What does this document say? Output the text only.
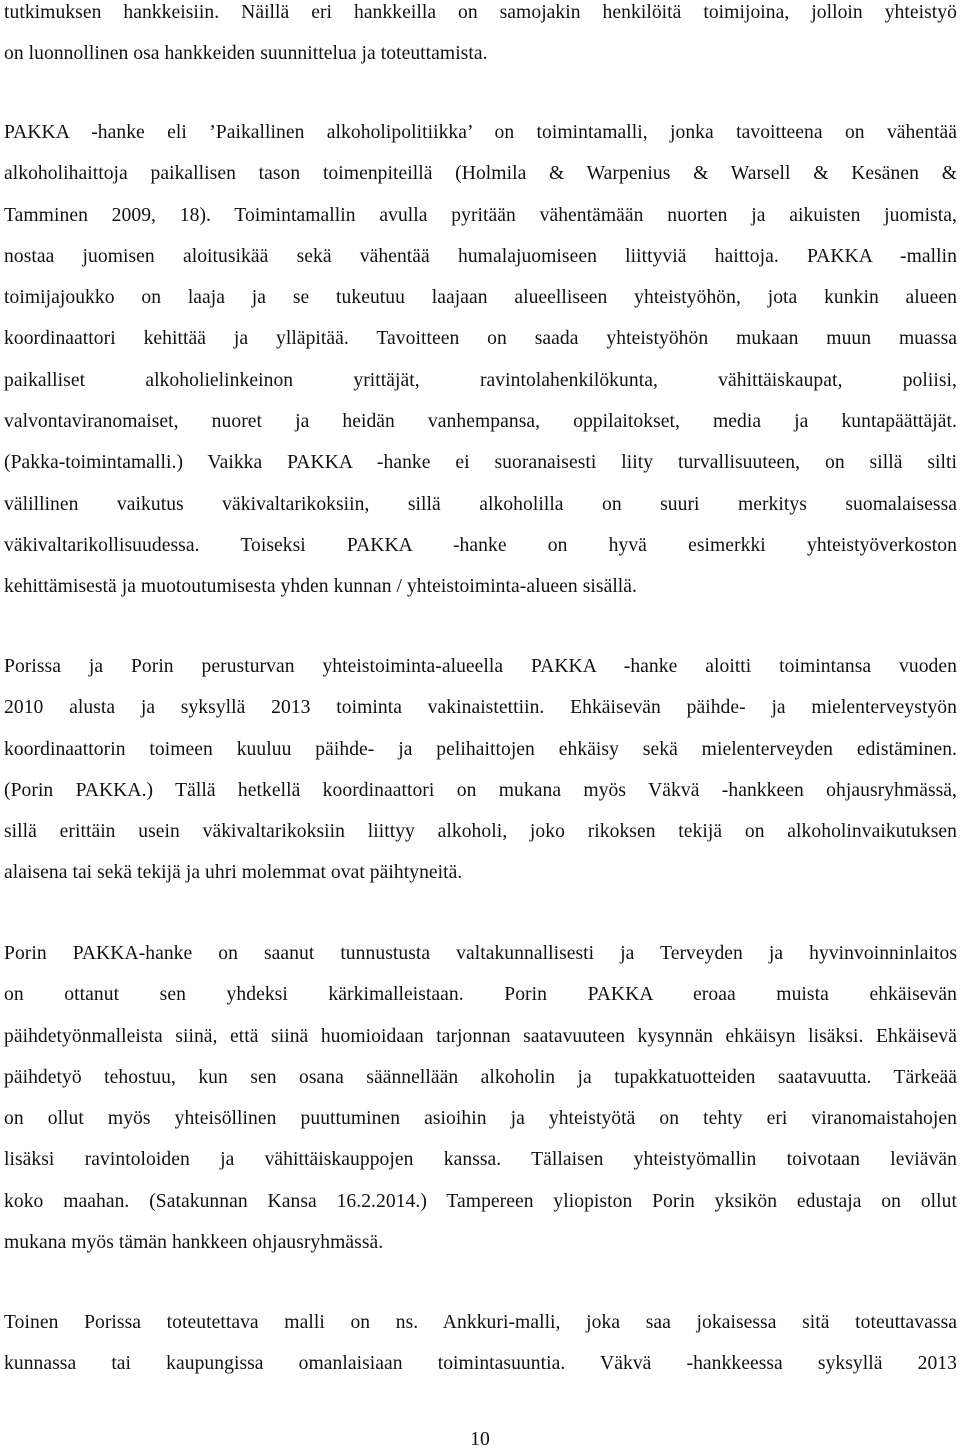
tutkimuksen hankkeisiin. Näillä eri hankkeilla on samojakin henkilöitä toimijoina, jolloin yhteistyö
on luonnollinen osa hankkeiden suunnittelua ja toteuttamista.
PAKKA -hanke eli ’Paikallinen alkoholipolitiikka’ on toimintamalli, jonka tavoitteena on vähentää
alkoholihaittoja paikallisen tason toimenpiteillä (Holmila & Warpenius & Warsell & Kesänen &
Tamminen 2009, 18). Toimintamallin avulla pyritään vähentämään nuorten ja aikuisten juomista,
nostaa juomisen aloitusikää sekä vähentää humalajuomiseen liittyviä haittoja. PAKKA -mallin
toimijajoukko on laaja ja se tukeutuu laajaan alueelliseen yhteistyöhön, jota kunkin alueen
koordinaattori kehittää ja ylläpitää. Tavoitteen on saada yhteistyöhön mukaan muun muassa
paikalliset alkoholielinkeinon yrittäjät, ravintolahenkilökunta, vähittäiskaupat, poliisi,
valvontaviranomaiset, nuoret ja heidän vanhempansa, oppilaitokset, media ja kuntapäättäjät.
(Pakka-toimintamalli.) Vaikka PAKKA -hanke ei suoranaisesti liity turvallisuuteen, on sillä silti
välillinen vaikutus väkivaltarikoksiin, sillä alkoholilla on suuri merkitys suomalaisessa
väkivaltarikollisuudessa. Toiseksi PAKKA -hanke on hyvä esimerkki yhteistyöverkoston
kehittämisestä ja muotoutumisesta yhden kunnan / yhteistoiminta-alueen sisällä.
Porissa ja Porin perusturvan yhteistoiminta-alueella PAKKA -hanke aloitti toimintansa vuoden
2010 alusta ja syksyllä 2013 toiminta vakinaistettiin. Ehkäisevän päihde- ja mielenterveystyön
koordinaattorin toimeen kuuluu päihde- ja pelihaittojen ehkäisy sekä mielenterveyden edistäminen.
(Porin PAKKA.) Tällä hetkellä koordinaattori on mukana myös Väkvä -hankkeen ohjausryhmässä,
sillä erittäin usein väkivaltarikoksiin liittyy alkoholi, joko rikoksen tekijä on alkoholinvaikutuksen
alaisena tai sekä tekijä ja uhri molemmat ovat päihtyneitä.
Porin PAKKA-hanke on saanut tunnustusta valtakunnallisesti ja Terveyden ja hyvinvoinninlaitos
on ottanut sen yhdeksi kärkimalleistaan. Porin PAKKA eroaa muista ehkäisevän
päihdetyönmalleista siinä, että siinä huomioidaan tarjonnan saatavuuteen kysynnän ehkäisyn lisäksi. Ehkäisevä
päihdetyö tehostuu, kun sen osana säännellään alkoholin ja tupakkatuotteiden saatavuutta. Tärkeää
on ollut myös yhteisöllinen puuttuminen asioihin ja yhteistyötä on tehty eri viranomaistahojen
lisäksi ravintoloiden ja vähittäiskauppojen kanssa. Tällaisen yhteistyömallin toivotaan leviävän
koko maahan. (Satakunnan Kansa 16.2.2014.) Tampereen yliopiston Porin yksikön edustaja on ollut
mukana myös tämän hankkeen ohjausryhmässä.
Toinen Porissa toteutettava malli on ns. Ankkuri-malli, joka saa jokaisessa sitä toteuttavassa
kunnassa tai kaupungissa omanlaisiaan toimintasuuntia. Väkvä -hankkeessa syksyllä 2013
10
